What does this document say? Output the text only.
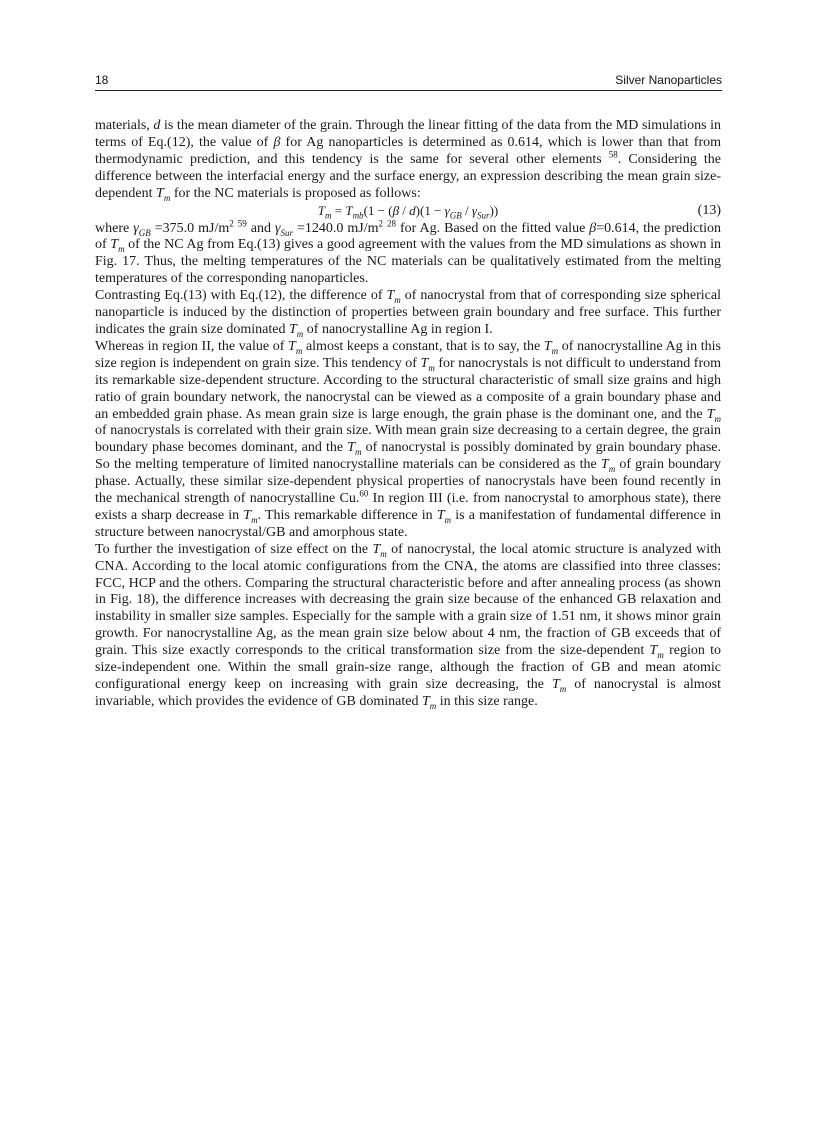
18	Silver Nanoparticles

materials, d is the mean diameter of the grain. Through the linear fitting of the data from the MD simulations in terms of Eq.(12), the value of β for Ag nanoparticles is determined as 0.614, which is lower than that from thermodynamic prediction, and this tendency is the same for several other elements $^{58}$. Considering the difference between the interfacial energy and the surface energy, an expression describing the mean grain size-dependent $T_m$ for the NC materials is proposed as follows:

$T_m = T_{mb}(1 - (\beta / d)(1 - \gamma_{GB} / \gamma_{Sur}))$	(13)

where $\gamma_{GB} =375.0$ $mJ/m^2$ $^{59}$ and $\gamma_{Sur} =1240.0$ $mJ/m^2$ $^{28}$ for Ag. Based on the fitted value β=0.614, the prediction of $T_m$ of the NC Ag from Eq.(13) gives a good agreement with the values from the MD simulations as shown in Fig. 17. Thus, the melting temperatures of the NC materials can be qualitatively estimated from the melting temperatures of the corresponding nanoparticles.

Contrasting Eq.(13) with Eq.(12), the difference of $T_m$ of nanocrystal from that of corresponding size spherical nanoparticle is induced by the distinction of properties between grain boundary and free surface. This further indicates the grain size dominated $T_m$ of nanocrystalline Ag in region I.

Whereas in region II, the value of $T_m$ almost keeps a constant, that is to say, the $T_m$ of nanocrystalline Ag in this size region is independent on grain size. This tendency of $T_m$ for nanocrystals is not difficult to understand from its remarkable size-dependent structure. According to the structural characteristic of small size grains and high ratio of grain boundary network, the nanocrystal can be viewed as a composite of a grain boundary phase and an embedded grain phase. As mean grain size is large enough, the grain phase is the dominant one, and the $T_m$ of nanocrystals is correlated with their grain size. With mean grain size decreasing to a certain degree, the grain boundary phase becomes dominant, and the $T_m$ of nanocrystal is possibly dominated by grain boundary phase. So the melting temperature of limited nanocrystalline materials can be considered as the $T_m$ of grain boundary phase. Actually, these similar size-dependent physical properties of nanocrystals have been found recently in the mechanical strength of nanocrystalline Cu.$^{60}$ In region III (i.e. from nanocrystal to amorphous state), there exists a sharp decrease in $T_m$. This remarkable difference in $T_m$ is a manifestation of fundamental difference in structure between nanocrystal/GB and amorphous state.

To further the investigation of size effect on the $T_m$ of nanocrystal, the local atomic structure is analyzed with CNA. According to the local atomic configurations from the CNA, the atoms are classified into three classes: FCC, HCP and the others. Comparing the structural characteristic before and after annealing process (as shown in Fig. 18), the difference increases with decreasing the grain size because of the enhanced GB relaxation and instability in smaller size samples. Especially for the sample with a grain size of 1.51 nm, it shows minor grain growth. For nanocrystalline Ag, as the mean grain size below about 4 nm, the fraction of GB exceeds that of grain. This size exactly corresponds to the critical transformation size from the size-dependent $T_m$ region to size-independent one. Within the small grain-size range, although the fraction of GB and mean atomic configurational energy keep on increasing with grain size decreasing, the $T_m$ of nanocrystal is almost invariable, which provides the evidence of GB dominated $T_m$ in this size range.
